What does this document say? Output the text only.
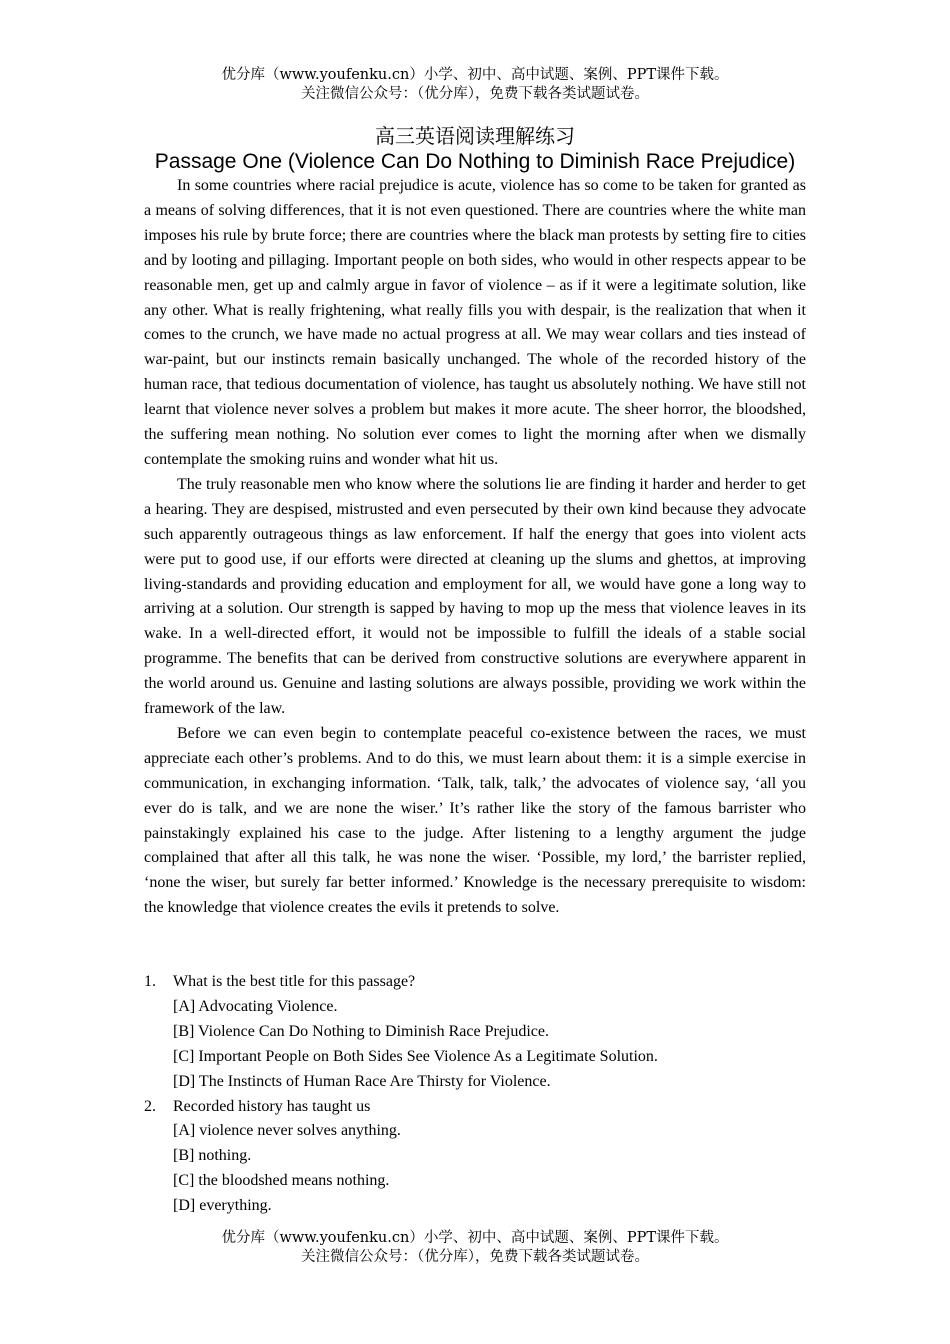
优分库（www.youfenku.cn）小学、初中、高中试题、案例、PPT课件下载。
关注微信公众号：（优分库），免费下载各类试题试卷。
高三英语阅读理解练习
Passage One (Violence Can Do Nothing to Diminish Race Prejudice)

In some countries where racial prejudice is acute, violence has so come to be taken for granted as a means of solving differences, that it is not even questioned. There are countries where the white man imposes his rule by brute force; there are countries where the black man protests by setting fire to cities and by looting and pillaging. Important people on both sides, who would in other respects appear to be reasonable men, get up and calmly argue in favor of violence – as if it were a legitimate solution, like any other. What is really frightening, what really fills you with despair, is the realization that when it comes to the crunch, we have made no actual progress at all. We may wear collars and ties instead of war-paint, but our instincts remain basically unchanged. The whole of the recorded history of the human race, that tedious documentation of violence, has taught us absolutely nothing. We have still not learnt that violence never solves a problem but makes it more acute. The sheer horror, the bloodshed, the suffering mean nothing. No solution ever comes to light the morning after when we dismally contemplate the smoking ruins and wonder what hit us.

The truly reasonable men who know where the solutions lie are finding it harder and herder to get a hearing. They are despised, mistrusted and even persecuted by their own kind because they advocate such apparently outrageous things as law enforcement. If half the energy that goes into violent acts were put to good use, if our efforts were directed at cleaning up the slums and ghettos, at improving living-standards and providing education and employment for all, we would have gone a long way to arriving at a solution. Our strength is sapped by having to mop up the mess that violence leaves in its wake. In a well-directed effort, it would not be impossible to fulfill the ideals of a stable social programme. The benefits that can be derived from constructive solutions are everywhere apparent in the world around us. Genuine and lasting solutions are always possible, providing we work within the framework of the law.

Before we can even begin to contemplate peaceful co-existence between the races, we must appreciate each other’s problems. And to do this, we must learn about them: it is a simple exercise in communication, in exchanging information. ‘Talk, talk, talk,’ the advocates of violence say, ‘all you ever do is talk, and we are none the wiser.’ It’s rather like the story of the famous barrister who painstakingly explained his case to the judge. After listening to a lengthy argument the judge complained that after all this talk, he was none the wiser. ‘Possible, my lord,’ the barrister replied, ‘none the wiser, but surely far better informed.’ Knowledge is the necessary prerequisite to wisdom: the knowledge that violence creates the evils it pretends to solve.

1.	What is the best title for this passage?
[A] Advocating Violence.
[B] Violence Can Do Nothing to Diminish Race Prejudice.
[C] Important People on Both Sides See Violence As a Legitimate Solution.
[D] The Instincts of Human Race Are Thirsty for Violence.
2.	Recorded history has taught us
[A] violence never solves anything.
[B] nothing.
[C] the bloodshed means nothing.
[D] everything.
优分库（www.youfenku.cn）小学、初中、高中试题、案例、PPT课件下载。
关注微信公众号：（优分库），免费下载各类试题试卷。
